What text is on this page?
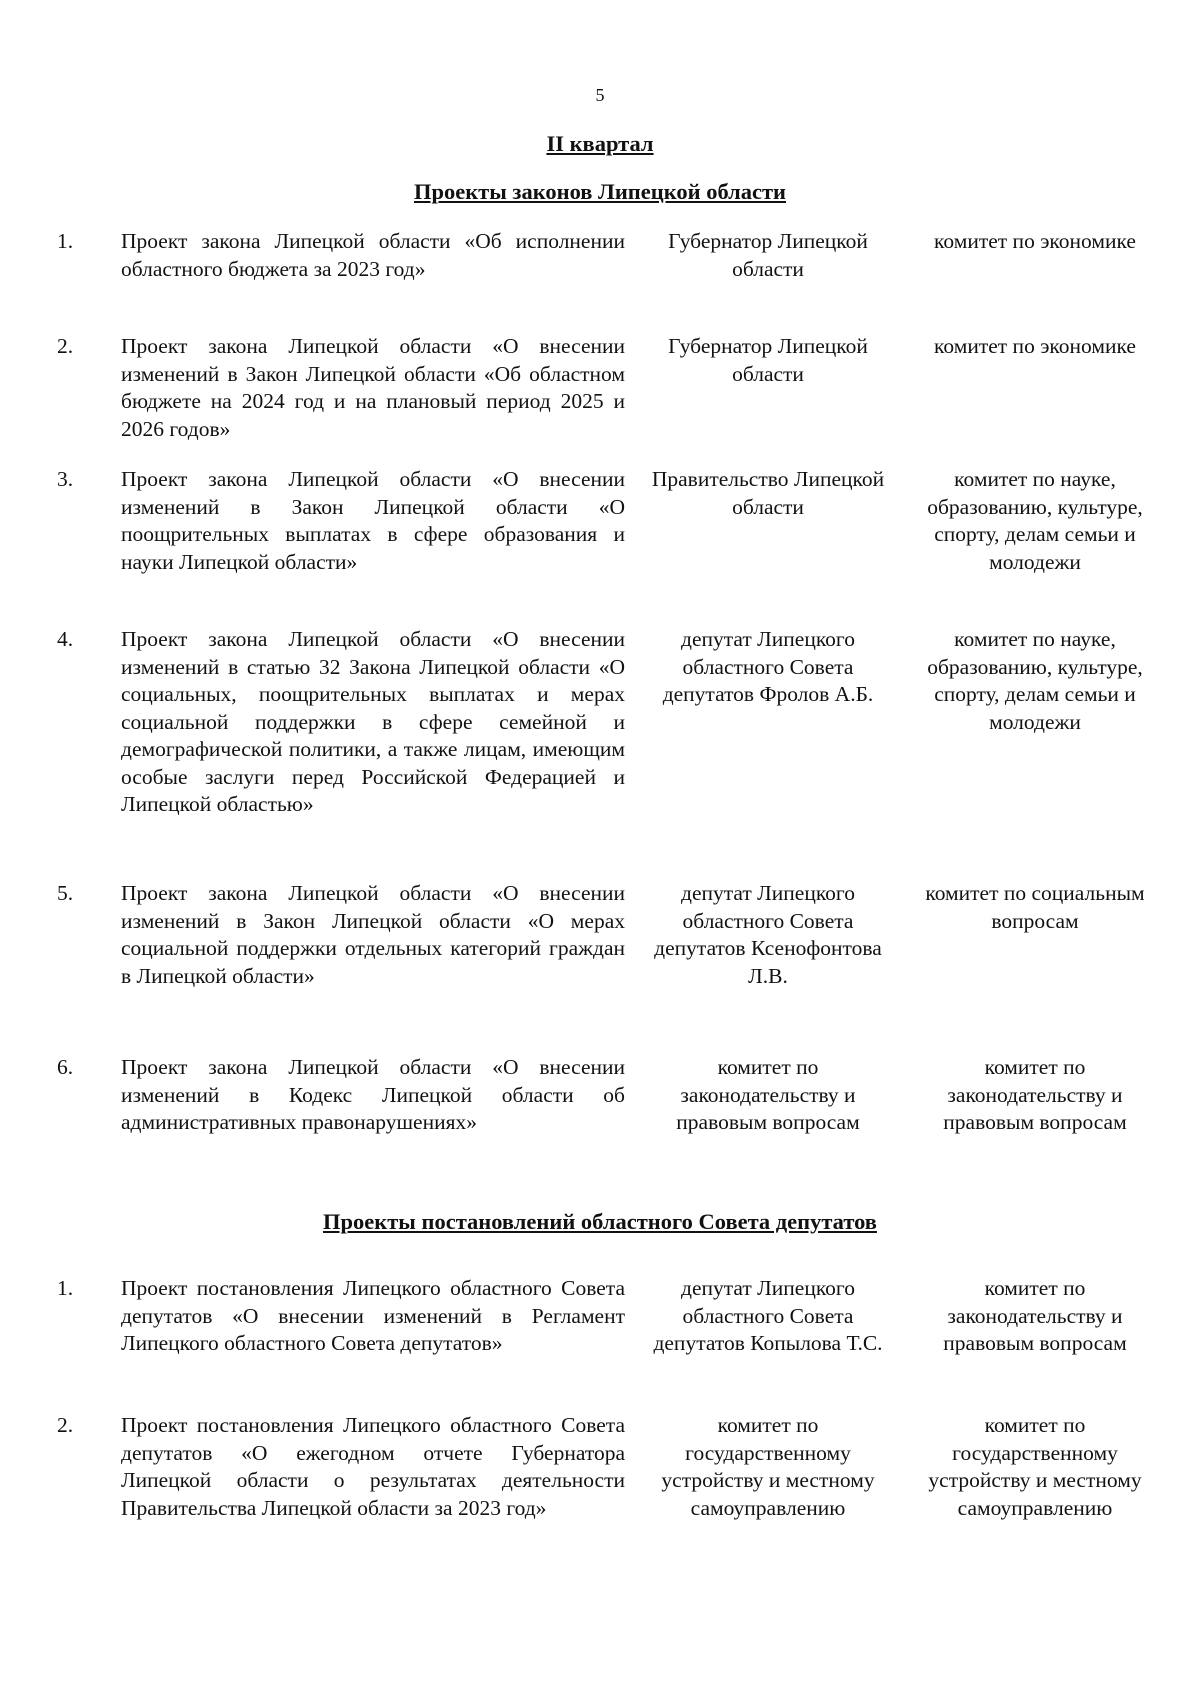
5
II квартал
Проекты законов Липецкой области
1. Проект закона Липецкой области «Об исполнении областного бюджета за 2023 год»
Губернатор Липецкой области
комитет по экономике
2. Проект закона Липецкой области «О внесении изменений в Закон Липецкой области «Об областном бюджете на 2024 год и на плановый период 2025 и 2026 годов»
Губернатор Липецкой области
комитет по экономике
3. Проект закона Липецкой области «О внесении изменений в Закон Липецкой области «О поощрительных выплатах в сфере образования и науки Липецкой области»
Правительство Липецкой области
комитет по науке, образованию, культуре, спорту, делам семьи и молодежи
4. Проект закона Липецкой области «О внесении изменений в статью 32 Закона Липецкой области «О социальных, поощрительных выплатах и мерах социальной поддержки в сфере семейной и демографической политики, а также лицам, имеющим особые заслуги перед Российской Федерацией и Липецкой областью»
депутат Липецкого областного Совета депутатов Фролов А.Б.
комитет по науке, образованию, культуре, спорту, делам семьи и молодежи
5. Проект закона Липецкой области «О внесении изменений в Закон Липецкой области «О мерах социальной поддержки отдельных категорий граждан в Липецкой области»
депутат Липецкого областного Совета депутатов Ксенофонтова Л.В.
комитет по социальным вопросам
6. Проект закона Липецкой области «О внесении изменений в Кодекс Липецкой области об административных правонарушениях»
комитет по законодательству и правовым вопросам
комитет по законодательству и правовым вопросам
Проекты постановлений областного Совета депутатов
1. Проект постановления Липецкого областного Совета депутатов «О внесении изменений в Регламент Липецкого областного Совета депутатов»
депутат Липецкого областного Совета депутатов Копылова Т.С.
комитет по законодательству и правовым вопросам
2. Проект постановления Липецкого областного Совета депутатов «О ежегодном отчете Губернатора Липецкой области о результатах деятельности Правительства Липецкой области за 2023 год»
комитет по государственному устройству и местному самоуправлению
комитет по государственному устройству и местному самоуправлению
